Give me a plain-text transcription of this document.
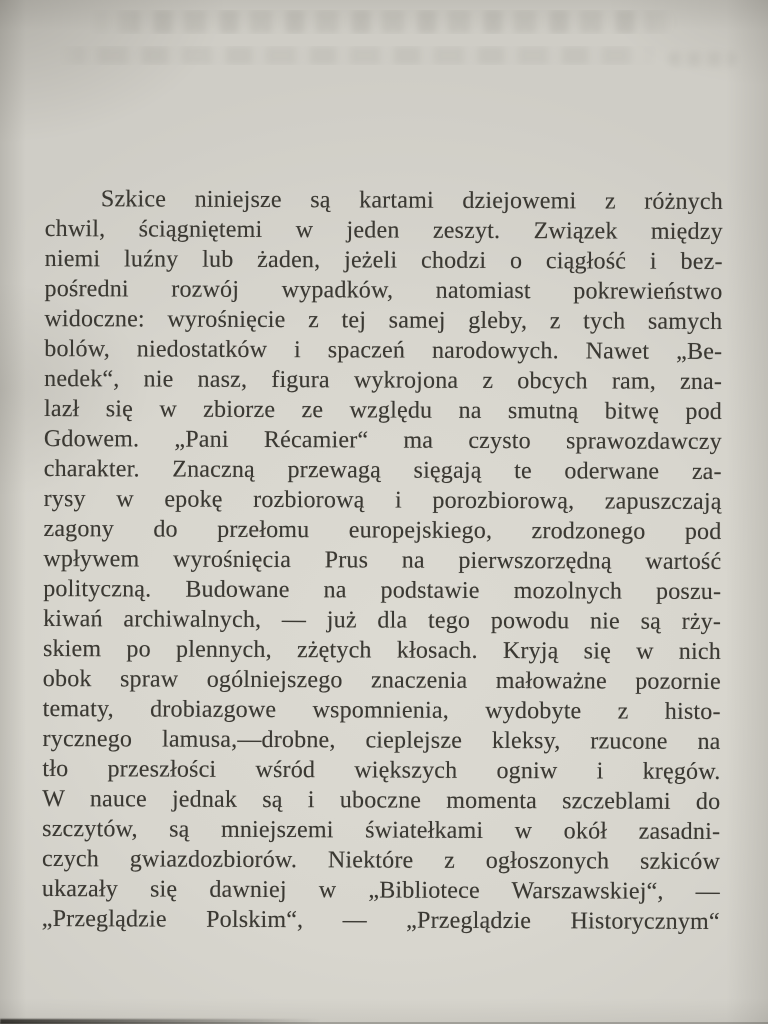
Szkice niniejsze są kartami dziejowemi z różnych
chwil, ściągniętemi w jeden zeszyt. Związek między
niemi luźny lub żaden, jeżeli chodzi o ciągłość i bez-
pośredni rozwój wypadków, natomiast pokrewieństwo
widoczne: wyrośnięcie z tej samej gleby, z tych samych
bolów, niedostatków i spaczeń narodowych. Nawet „Be-
nedek“, nie nasz, figura wykrojona z obcych ram, zna-
lazł się w zbiorze ze względu na smutną bitwę pod
Gdowem. „Pani Récamier“ ma czysto sprawozdawczy
charakter. Znaczną przewagą sięgają te oderwane za-
rysy w epokę rozbiorową i porozbiorową, zapuszczają
zagony do przełomu europejskiego, zrodzonego pod
wpływem wyrośnięcia Prus na pierwszorzędną wartość
polityczną. Budowane na podstawie mozolnych poszu-
kiwań archiwalnych, — już dla tego powodu nie są rży-
skiem po plennych, zżętych kłosach. Kryją się w nich
obok spraw ogólniejszego znaczenia małoważne pozornie
tematy, drobiazgowe wspomnienia, wydobyte z histo-
rycznego lamusa,—drobne, cieplejsze kleksy, rzucone na
tło przeszłości wśród większych ogniw i kręgów.
W nauce jednak są i uboczne momenta szczeblami do
szczytów, są mniejszemi światełkami w okół zasadni-
czych gwiazdozbiorów. Niektóre z ogłoszonych szkiców
ukazały się dawniej w „Bibliotece Warszawskiej“, —
„Przeglądzie Polskim“, — „Przeglądzie Historycznym“
